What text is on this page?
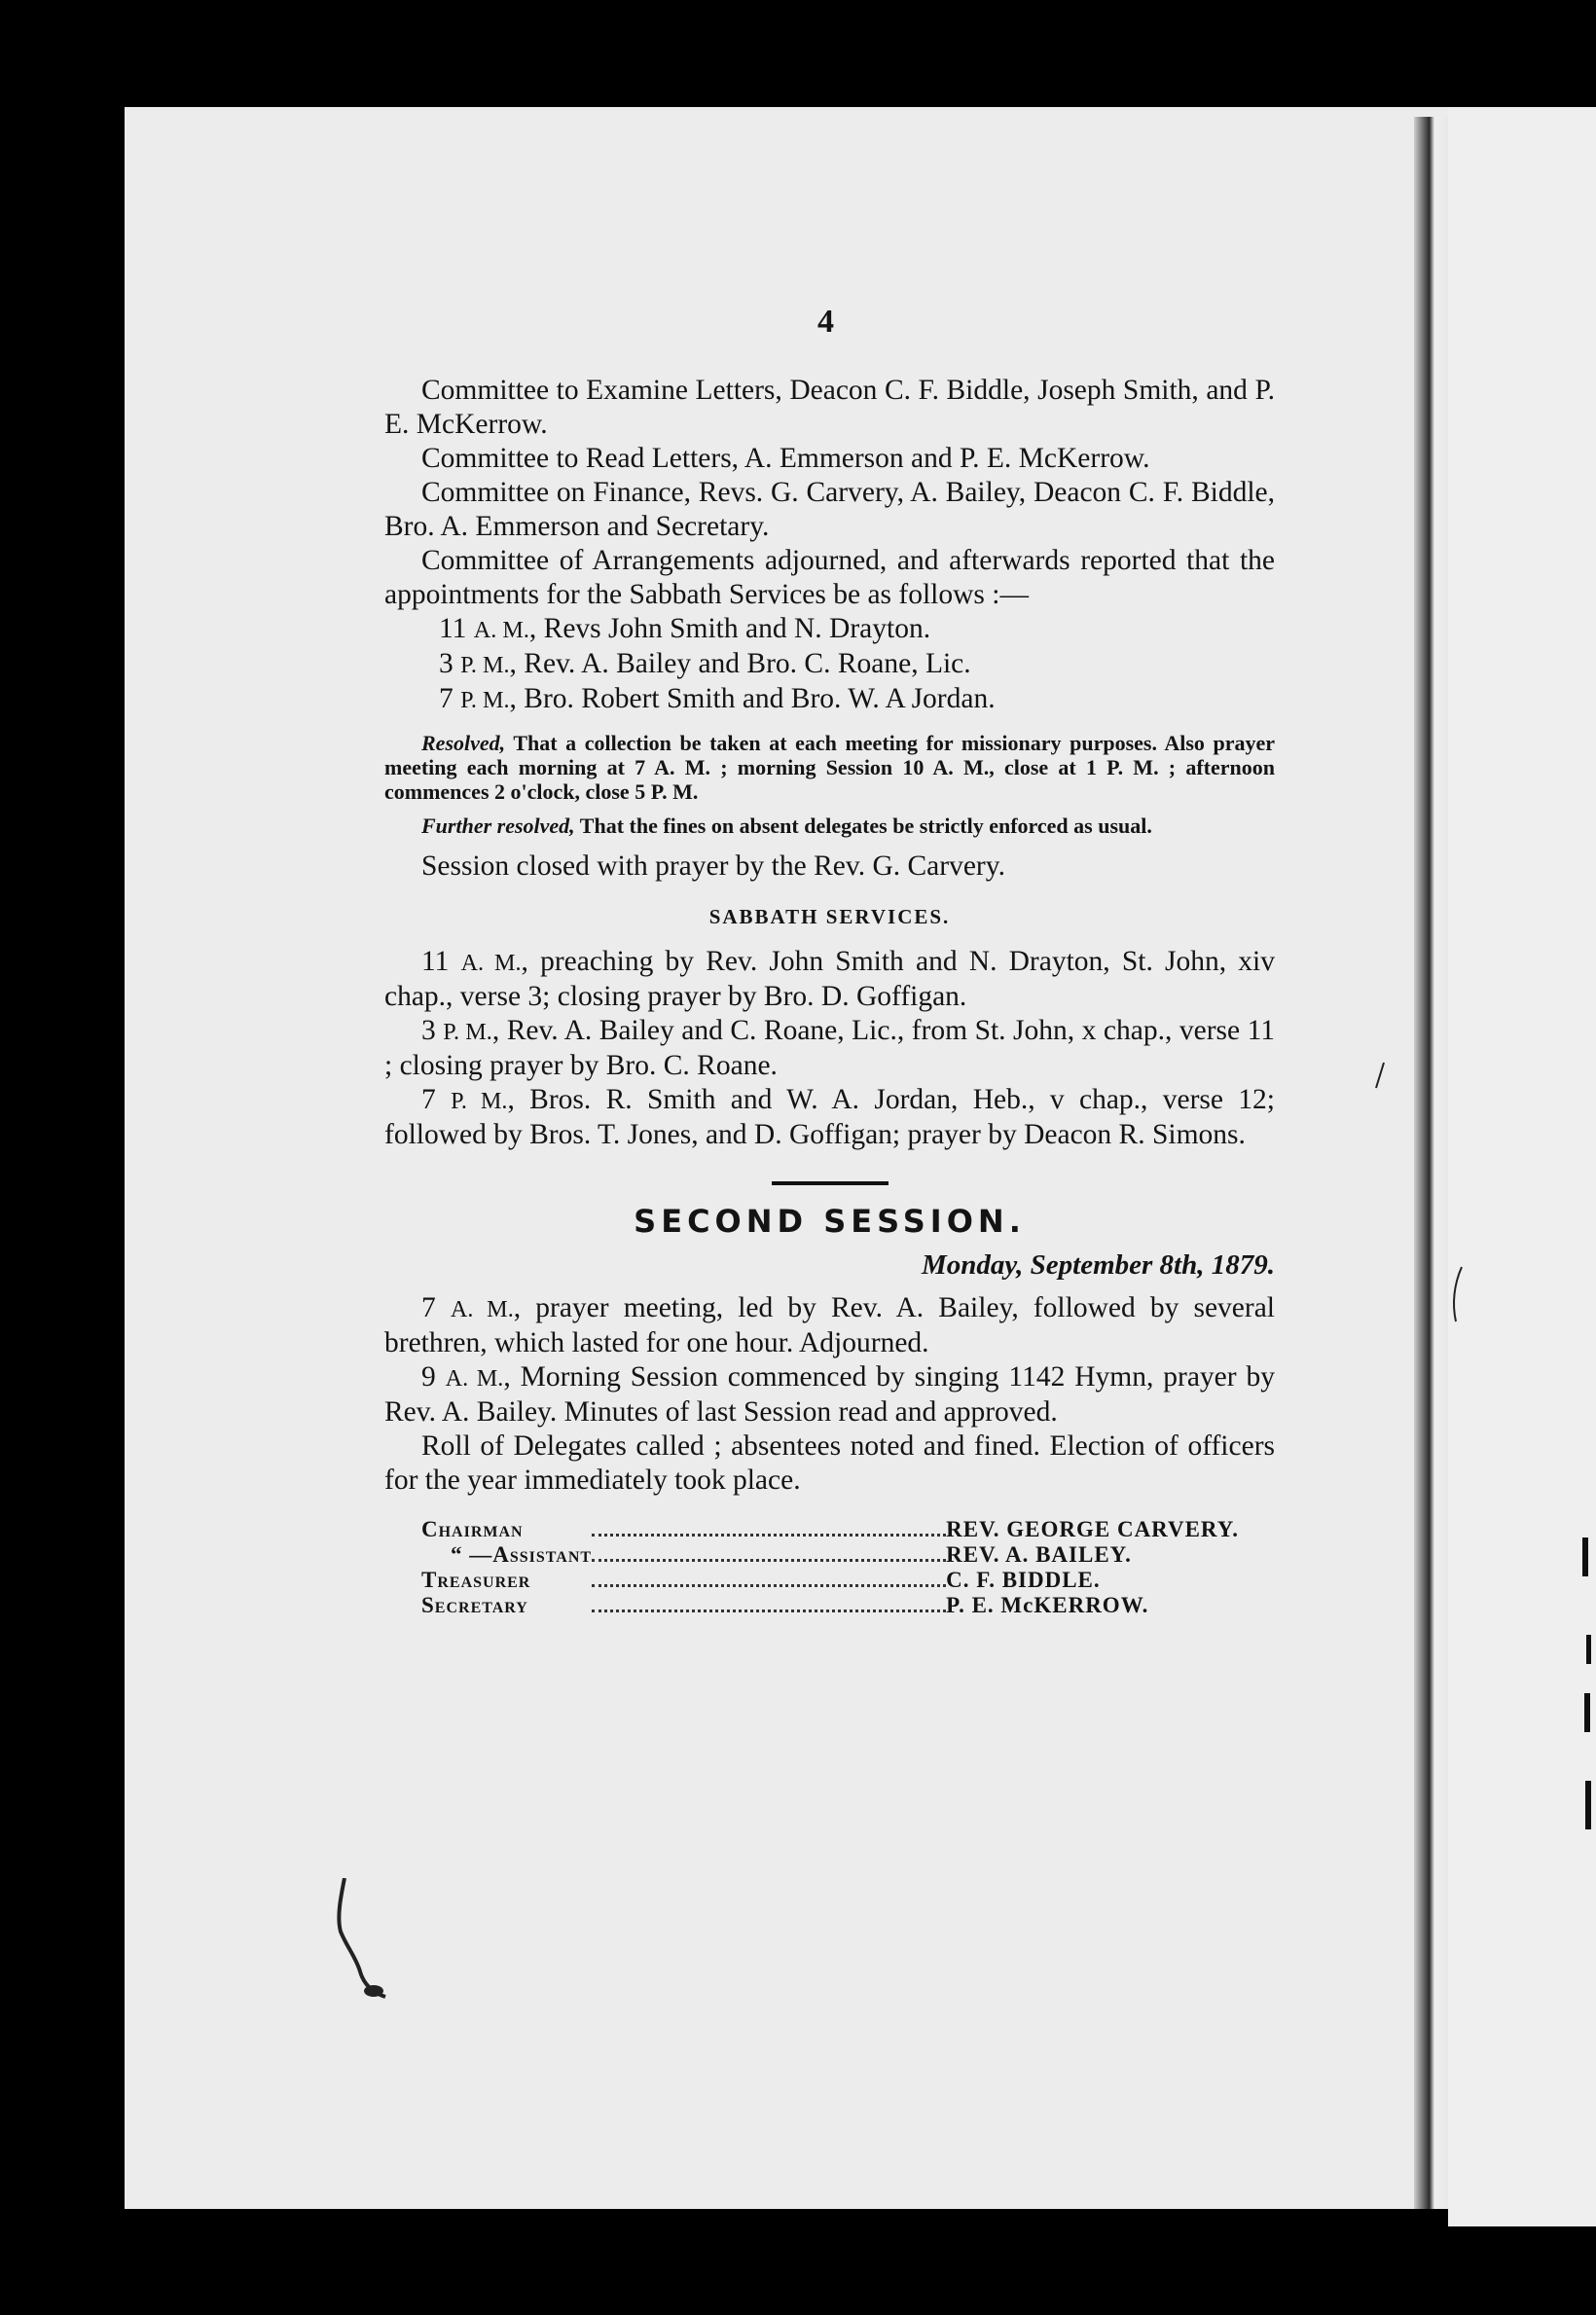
4

Committee to Examine Letters, Deacon C. F. Biddle, Joseph Smith, and P. E. McKerrow.

Committee to Read Letters, A. Emmerson and P. E. McKerrow.

Committee on Finance, Revs. G. Carvery, A. Bailey, Deacon C. F. Biddle, Bro. A. Emmerson and Secretary.

Committee of Arrangements adjourned, and afterwards reported that the appointments for the Sabbath Services be as follows :—

11 A. M., Revs John Smith and N. Drayton.

3 P. M., Rev. A. Bailey and Bro. C. Roane, Lic.

7 P. M., Bro. Robert Smith and Bro. W. A Jordan.

Resolved, That a collection be taken at each meeting for missionary purposes. Also prayer meeting each morning at 7 A. M. ; morning Session 10 A. M., close at 1 P. M. ; afternoon commences 2 o'clock, close 5 P. M.

Further resolved, That the fines on absent delegates be strictly enforced as usual.

Session closed with prayer by the Rev. G. Carvery.

SABBATH SERVICES.

11 A. M., preaching by Rev. John Smith and N. Drayton, St. John, xiv chap., verse 3; closing prayer by Bro. D. Goffigan.

3 P. M., Rev. A. Bailey and C. Roane, Lic., from St. John, x chap., verse 11 ; closing prayer by Bro. C. Roane.

7 P. M., Bros. R. Smith and W. A. Jordan, Heb., v chap., verse 12; followed by Bros. T. Jones, and D. Goffigan; prayer by Deacon R. Simons.

SECOND SESSION.

Monday, September 8th, 1879.

7 A. M., prayer meeting, led by Rev. A. Bailey, followed by several brethren, which lasted for one hour. Adjourned.

9 A. M., Morning Session commenced by singing 1142 Hymn, prayer by Rev. A. Bailey. Minutes of last Session read and approved.

Roll of Delegates called ; absentees noted and fined. Election of officers for the year immediately took place.

Chairman		REV. GEORGE CARVERY.
“ —Assistant		REV. A. BAILEY.
Treasurer		C. F. BIDDLE.
Secretary		P. E. McKERROW.
